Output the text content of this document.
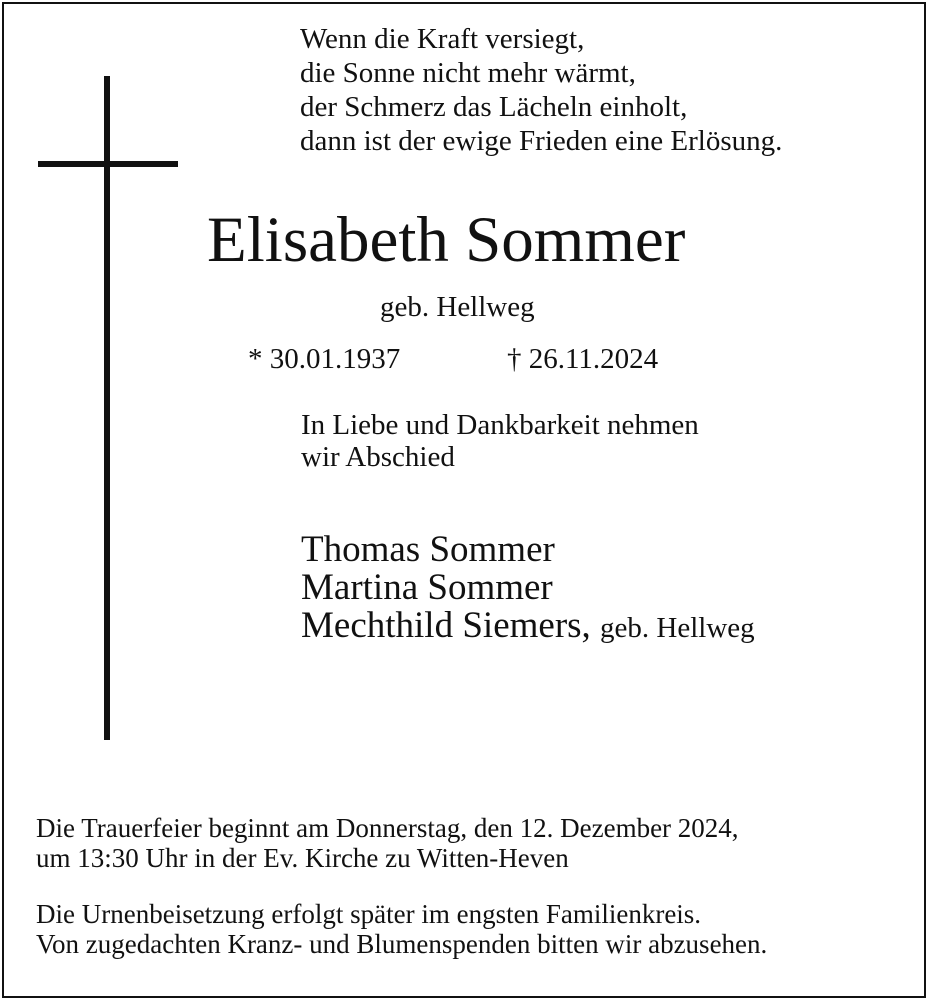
Wenn die Kraft versiegt,
die Sonne nicht mehr wärmt,
der Schmerz das Lächeln einholt,
dann ist der ewige Frieden eine Erlösung.
Elisabeth Sommer
geb. Hellweg
* 30.01.1937	† 26.11.2024
In Liebe und Dankbarkeit nehmen
wir Abschied
Thomas Sommer
Martina Sommer
Mechthild Siemers, geb. Hellweg
Die Trauerfeier beginnt am Donnerstag, den 12. Dezember 2024,
um 13:30 Uhr in der Ev. Kirche zu Witten-Heven
Die Urnenbeisetzung erfolgt später im engsten Familienkreis.
Von zugedachten Kranz- und Blumenspenden bitten wir abzusehen.
